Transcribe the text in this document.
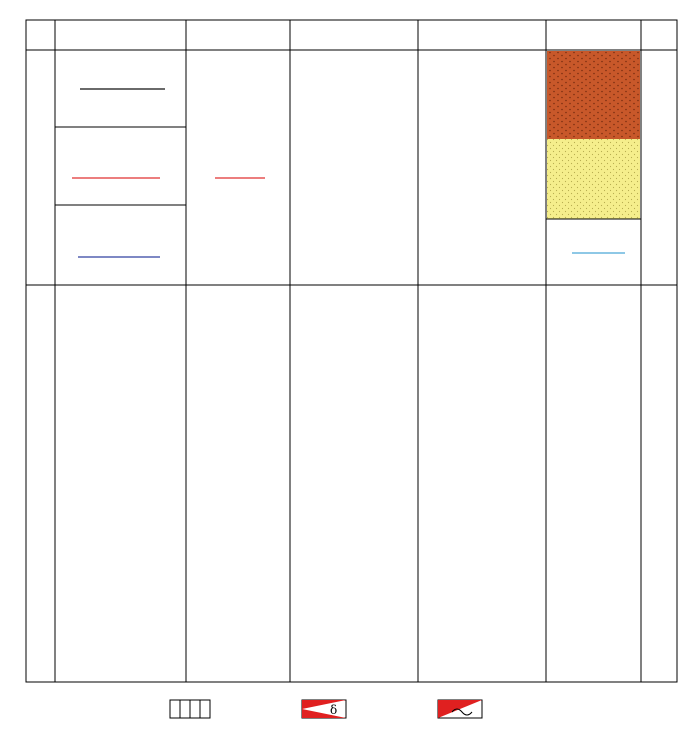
δ
